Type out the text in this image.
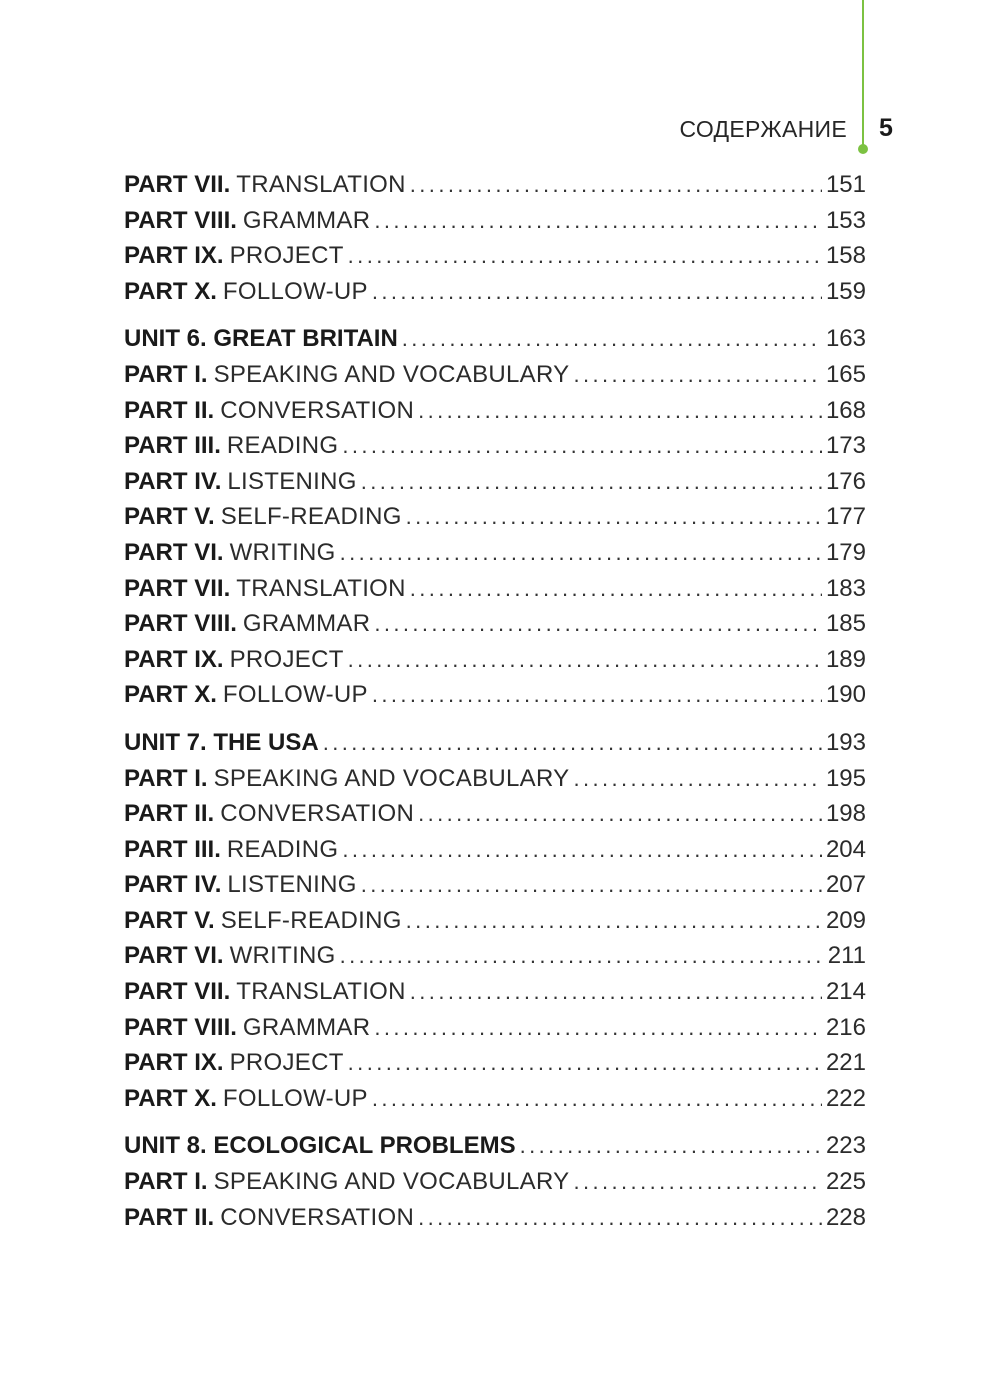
СОДЕРЖАНИЕ 5
PART VII. TRANSLATION .....	151
PART VIII. GRAMMAR .....	153
PART IX. PROJECT .....	158
PART X. FOLLOW-UP .....	159
UNIT 6. GREAT BRITAIN .....	163
PART I. SPEAKING AND VOCABULARY .....	165
PART II. CONVERSATION .....	168
PART III. READING .....	173
PART IV. LISTENING .....	176
PART V. SELF-READING .....	177
PART VI. WRITING .....	179
PART VII. TRANSLATION .....	183
PART VIII. GRAMMAR .....	185
PART IX. PROJECT .....	189
PART X. FOLLOW-UP .....	190
UNIT 7. THE USA .....	193
PART I. SPEAKING AND VOCABULARY .....	195
PART II. CONVERSATION .....	198
PART III. READING .....	204
PART IV. LISTENING .....	207
PART V. SELF-READING .....	209
PART VI. WRITING .....	211
PART VII. TRANSLATION .....	214
PART VIII. GRAMMAR .....	216
PART IX. PROJECT .....	221
PART X. FOLLOW-UP .....	222
UNIT 8. ECOLOGICAL PROBLEMS .....	223
PART I. SPEAKING AND VOCABULARY .....	225
PART II. CONVERSATION .....	228
